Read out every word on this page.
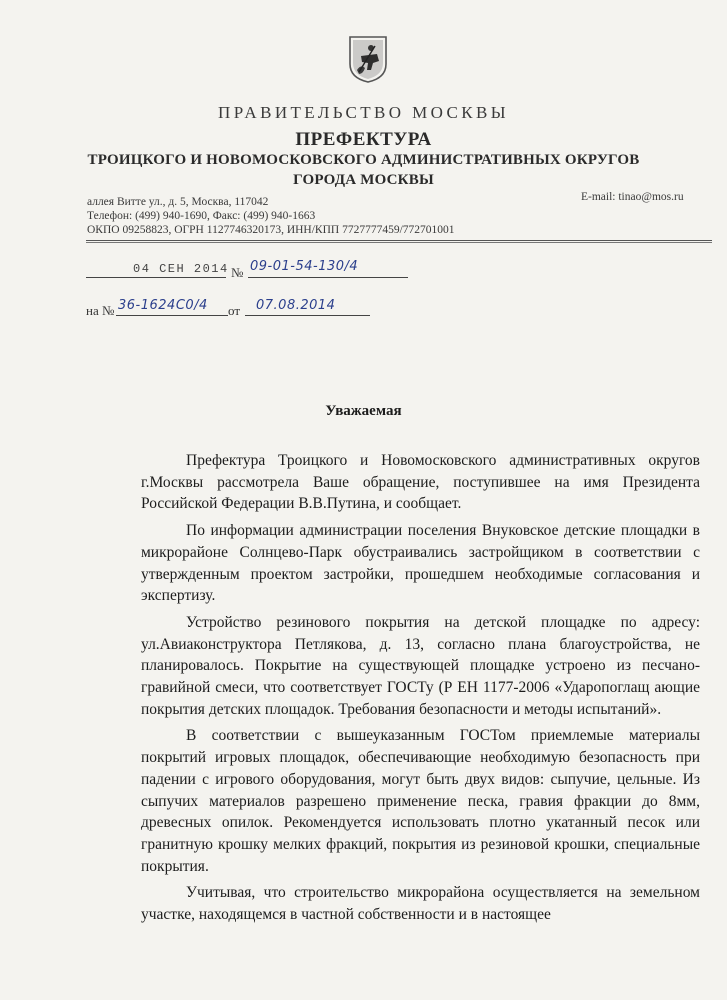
ПРАВИТЕЛЬСТВО МОСКВЫ
ПРЕФЕКТУРА
ТРОИЦКОГО И НОВОМОСКОВСКОГО АДМИНИСТРАТИВНЫХ ОКРУГОВ
ГОРОДА МОСКВЫ
аллея Витте ул., д. 5, Москва, 117042
Телефон: (499) 940-1690, Факс: (499) 940-1663
ОКПО 09258823, ОГРН 1127746320173, ИНН/КПП 7727777459/772701001
E-mail: tinao@mos.ru
04 СЕН 2014 № 09-01-54-130/4
на № 36-1624С0/4 от 07.08.2014
Уважаемая

Префектура Троицкого и Новомосковского административных округов г.Москвы рассмотрела Ваше обращение, поступившее на имя Президента Российской Федерации В.В.Путина, и сообщает.

По информации администрации поселения Внуковское детские площадки в микрорайоне Солнцево-Парк обустраивались застройщиком в соответствии с утвержденным проектом застройки, прошедшем необходимые согласования и экспертизу.

Устройство резинового покрытия на детской площадке по адресу: ул.Авиаконструктора Петлякова, д. 13, согласно плана благоустройства, не планировалось. Покрытие на существующей площадке устроено из песчано-гравийной смеси, что соответствует ГОСТу (Р ЕН 1177-2006 «Ударопоглащ ающие покрытия детских площадок. Требования безопасности и методы испытаний».

В соответствии с вышеуказанным ГОСТом приемлемые материалы покрытий игровых площадок, обеспечивающие необходимую безопасность при падении с игрового оборудования, могут быть двух видов: сыпучие, цельные. Из сыпучих материалов разрешено применение песка, гравия фракции до 8мм, древесных опилок. Рекомендуется использовать плотно укатанный песок или гранитную крошку мелких фракций, покрытия из резиновой крошки, специальные покрытия.

Учитывая, что строительство микрорайона осуществляется на земельном участке, находящемся в частной собственности и в настоящее
